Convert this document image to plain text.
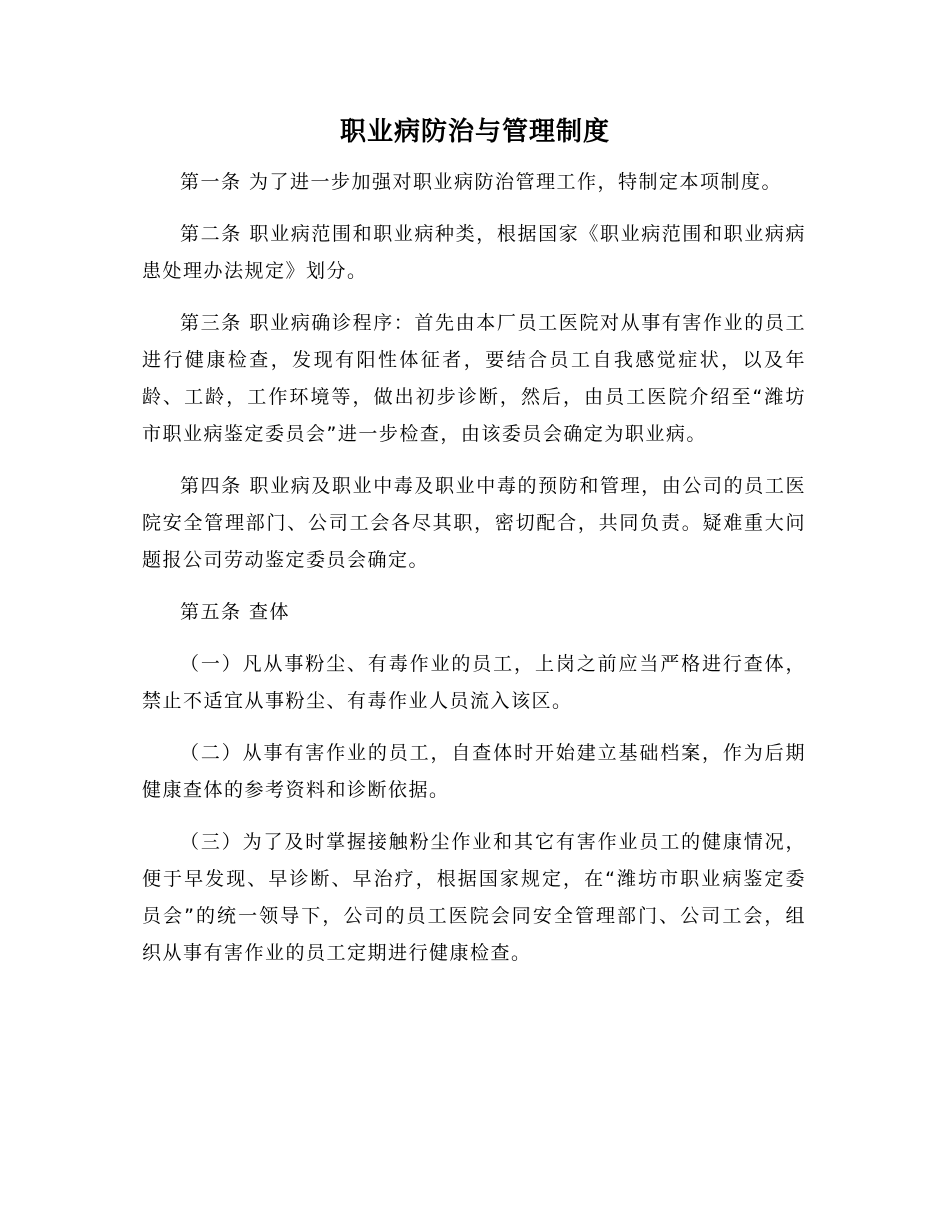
职业病防治与管理制度

第一条 为了进一步加强对职业病防治管理工作，特制定本项制度。

第二条 职业病范围和职业病种类，根据国家《职业病范围和职业病病患处理办法规定》划分。

第三条 职业病确诊程序：首先由本厂员工医院对从事有害作业的员工进行健康检查，发现有阳性体征者，要结合员工自我感觉症状，以及年龄、工龄，工作环境等，做出初步诊断，然后，由员工医院介绍至“潍坊市职业病鉴定委员会”进一步检查，由该委员会确定为职业病。

第四条 职业病及职业中毒及职业中毒的预防和管理，由公司的员工医院安全管理部门、公司工会各尽其职，密切配合，共同负责。疑难重大问题报公司劳动鉴定委员会确定。

第五条 查体

（一）凡从事粉尘、有毒作业的员工，上岗之前应当严格进行查体，禁止不适宜从事粉尘、有毒作业人员流入该区。

（二）从事有害作业的员工，自查体时开始建立基础档案，作为后期健康查体的参考资料和诊断依据。

（三）为了及时掌握接触粉尘作业和其它有害作业员工的健康情况，便于早发现、早诊断、早治疗，根据国家规定，在“潍坊市职业病鉴定委员会”的统一领导下，公司的员工医院会同安全管理部门、公司工会，组织从事有害作业的员工定期进行健康检查。
